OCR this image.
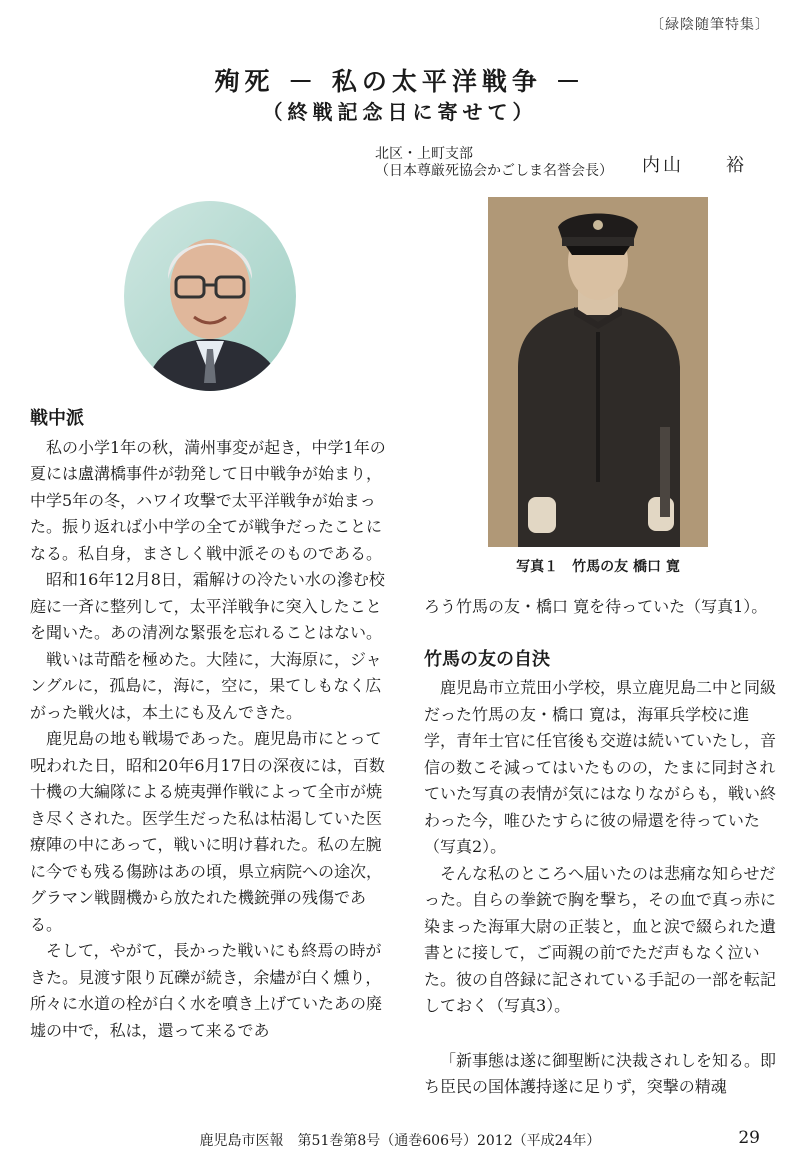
〔緑陰随筆特集〕
殉死 － 私の太平洋戦争 －
（終戦記念日に寄せて）
北区・上町支部
（日本尊厳死協会かごしま名誉会長） 内山　　裕
写真１　竹馬の友 橋口 寛
戦中派

私の小学1年の秋，満州事変が起き，中学1年の夏には盧溝橋事件が勃発して日中戦争が始まり，中学5年の冬，ハワイ攻撃で太平洋戦争が始まった。振り返れば小中学の全てが戦争だったことになる。私自身，まさしく戦中派そのものである。

昭和16年12月8日，霜解けの冷たい水の滲む校庭に一斉に整列して，太平洋戦争に突入したことを聞いた。あの清冽な緊張を忘れることはない。

戦いは苛酷を極めた。大陸に，大海原に，ジャングルに，孤島に，海に，空に，果てしもなく広がった戦火は，本土にも及んできた。

鹿児島の地も戦場であった。鹿児島市にとって呪われた日，昭和20年6月17日の深夜には，百数十機の大編隊による焼夷弾作戦によって全市が焼き尽くされた。医学生だった私は枯渇していた医療陣の中にあって，戦いに明け暮れた。私の左腕に今でも残る傷跡はあの頃，県立病院への途次，グラマン戦闘機から放たれた機銃弾の残傷である。

そして，やがて，長かった戦いにも終焉の時がきた。見渡す限り瓦礫が続き，余燼が白く燻り，所々に水道の栓が白く水を噴き上げていたあの廃墟の中で，私は，還って来るであ

ろう竹馬の友・橋口 寛を待っていた（写真1）。

竹馬の友の自決

鹿児島市立荒田小学校，県立鹿児島二中と同級だった竹馬の友・橋口 寛は，海軍兵学校に進学，青年士官に任官後も交遊は続いていたし，音信の数こそ減ってはいたものの，たまに同封されていた写真の表情が気にはなりながらも，戦い終わった今，唯ひたすらに彼の帰還を待っていた（写真2）。

そんな私のところへ届いたのは悲痛な知らせだった。自らの拳銃で胸を撃ち，その血で真っ赤に染まった海軍大尉の正装と，血と涙で綴られた遺書とに接して，ご両親の前でただ声もなく泣いた。彼の自啓録に記されている手記の一部を転記しておく（写真3）。

「新事態は遂に御聖断に決裁されしを知る。即ち臣民の国体護持遂に足りず，突撃の精魂

鹿児島市医報　第51巻第8号（通巻606号）2012（平成24年）	29
